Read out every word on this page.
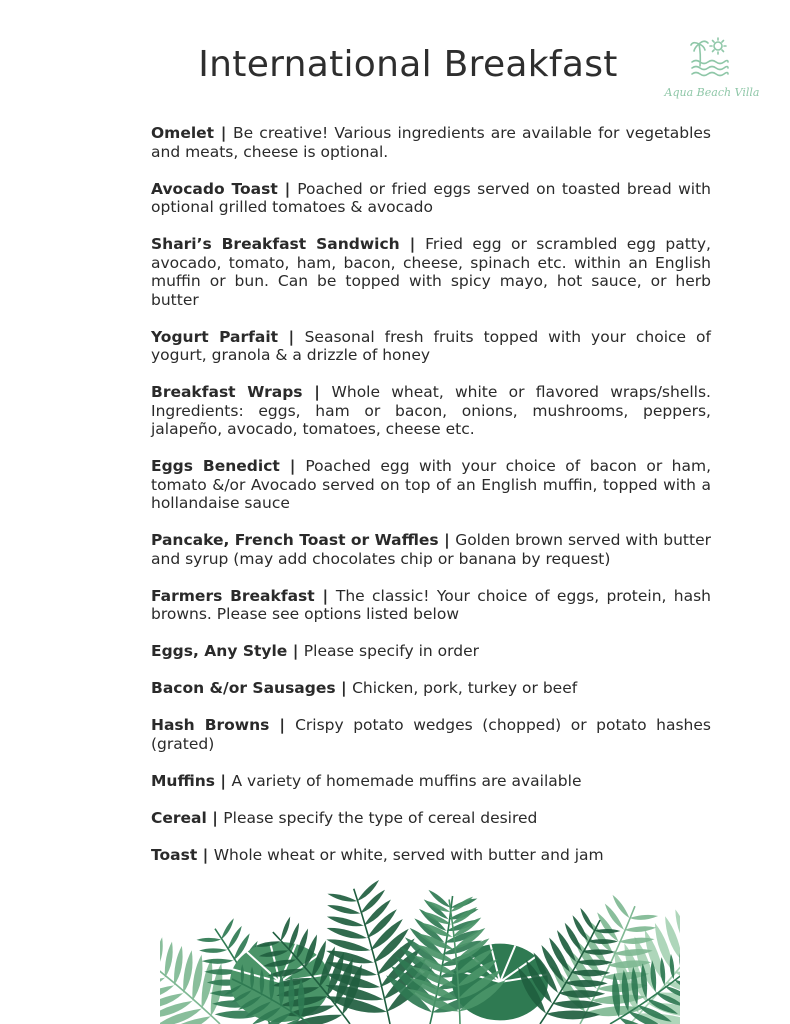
International Breakfast
Aqua Beach Villa
Omelet | Be creative! Various ingredients are available for vegetables and meats, cheese is optional.
Avocado Toast | Poached or fried eggs served on toasted bread with optional grilled tomatoes & avocado
Shari’s Breakfast Sandwich | Fried egg or scrambled egg patty, avocado, tomato, ham, bacon, cheese, spinach etc. within an English muffin or bun. Can be topped with spicy mayo, hot sauce, or herb butter
Yogurt Parfait | Seasonal fresh fruits topped with your choice of yogurt, granola & a drizzle of honey
Breakfast Wraps | Whole wheat, white or flavored wraps/shells. Ingredients: eggs, ham or bacon, onions, mushrooms, peppers, jalapeño, avocado, tomatoes, cheese etc.
Eggs Benedict | Poached egg with your choice of bacon or ham, tomato &/or Avocado served on top of an English muffin, topped with a hollandaise sauce
Pancake, French Toast or Waffles | Golden brown served with butter and syrup (may add chocolates chip or banana by request)
Farmers Breakfast | The classic! Your choice of eggs, protein, hash browns. Please see options listed below
Eggs, Any Style | Please specify in order
Bacon &/or Sausages | Chicken, pork, turkey or beef
Hash Browns | Crispy potato wedges (chopped) or potato hashes (grated)
Muffins | A variety of homemade muffins are available
Cereal | Please specify the type of cereal desired
Toast | Whole wheat or white, served with butter and jam
